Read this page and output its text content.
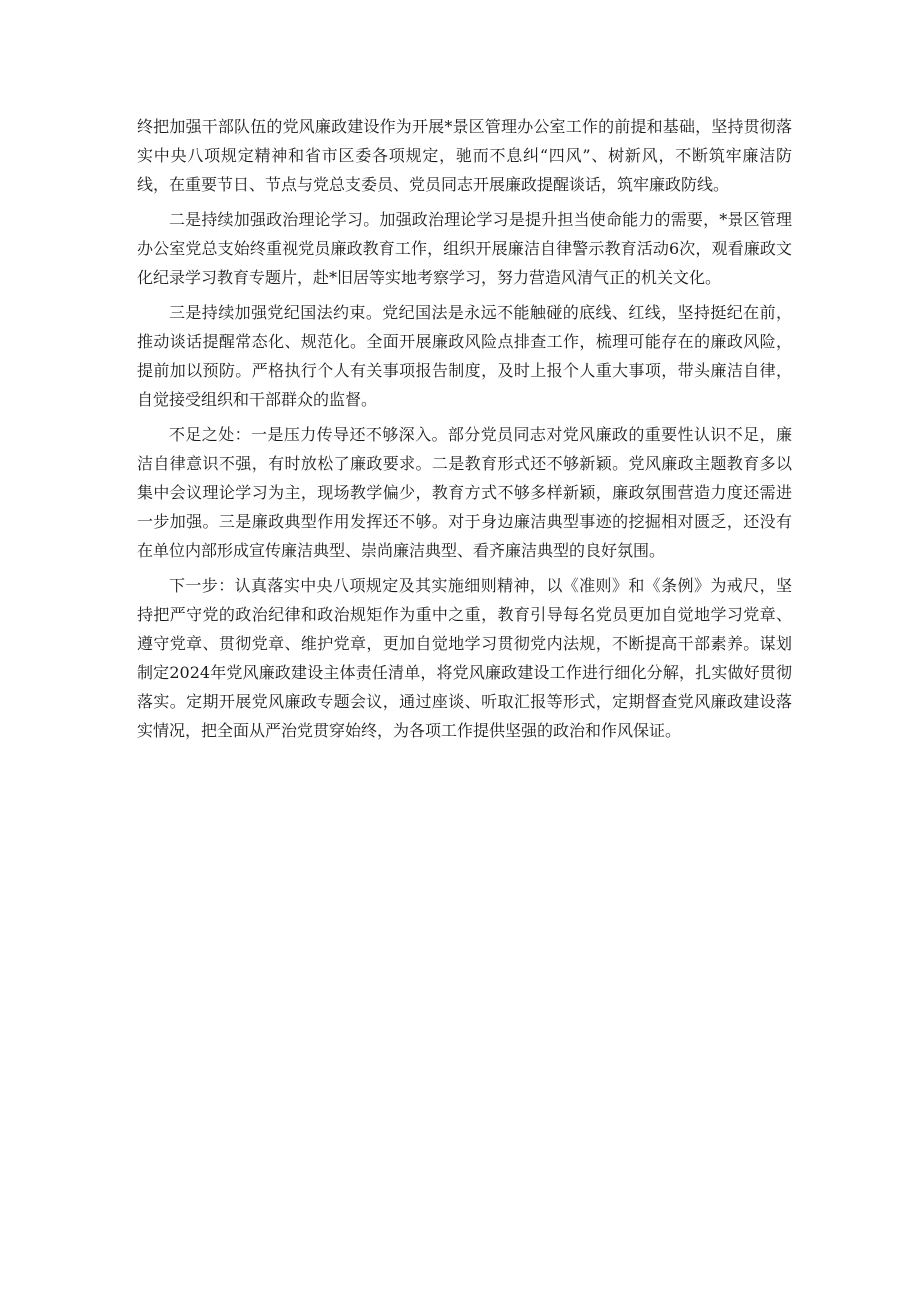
终把加强干部队伍的党风廉政建设作为开展*景区管理办公室工作的前提和基础，坚持贯彻落实中央八项规定精神和省市区委各项规定，驰而不息纠“四风”、树新风，不断筑牢廉洁防线，在重要节日、节点与党总支委员、党员同志开展廉政提醒谈话，筑牢廉政防线。

二是持续加强政治理论学习。加强政治理论学习是提升担当使命能力的需要，*景区管理办公室党总支始终重视党员廉政教育工作，组织开展廉洁自律警示教育活动6次，观看廉政文化纪录学习教育专题片，赴*旧居等实地考察学习，努力营造风清气正的机关文化。

三是持续加强党纪国法约束。党纪国法是永远不能触碰的底线、红线，坚持挺纪在前，推动谈话提醒常态化、规范化。全面开展廉政风险点排查工作，梳理可能存在的廉政风险，提前加以预防。严格执行个人有关事项报告制度，及时上报个人重大事项，带头廉洁自律，自觉接受组织和干部群众的监督。

不足之处：一是压力传导还不够深入。部分党员同志对党风廉政的重要性认识不足，廉洁自律意识不强，有时放松了廉政要求。二是教育形式还不够新颖。党风廉政主题教育多以集中会议理论学习为主，现场教学偏少，教育方式不够多样新颖，廉政氛围营造力度还需进一步加强。三是廉政典型作用发挥还不够。对于身边廉洁典型事迹的挖掘相对匮乏，还没有在单位内部形成宣传廉洁典型、崇尚廉洁典型、看齐廉洁典型的良好氛围。

下一步：认真落实中央八项规定及其实施细则精神，以《准则》和《条例》为戒尺，坚持把严守党的政治纪律和政治规矩作为重中之重，教育引导每名党员更加自觉地学习党章、遵守党章、贯彻党章、维护党章，更加自觉地学习贯彻党内法规，不断提高干部素养。谋划制定2024年党风廉政建设主体责任清单，将党风廉政建设工作进行细化分解，扎实做好贯彻落实。定期开展党风廉政专题会议，通过座谈、听取汇报等形式，定期督查党风廉政建设落实情况，把全面从严治党贯穿始终，为各项工作提供坚强的政治和作风保证。
